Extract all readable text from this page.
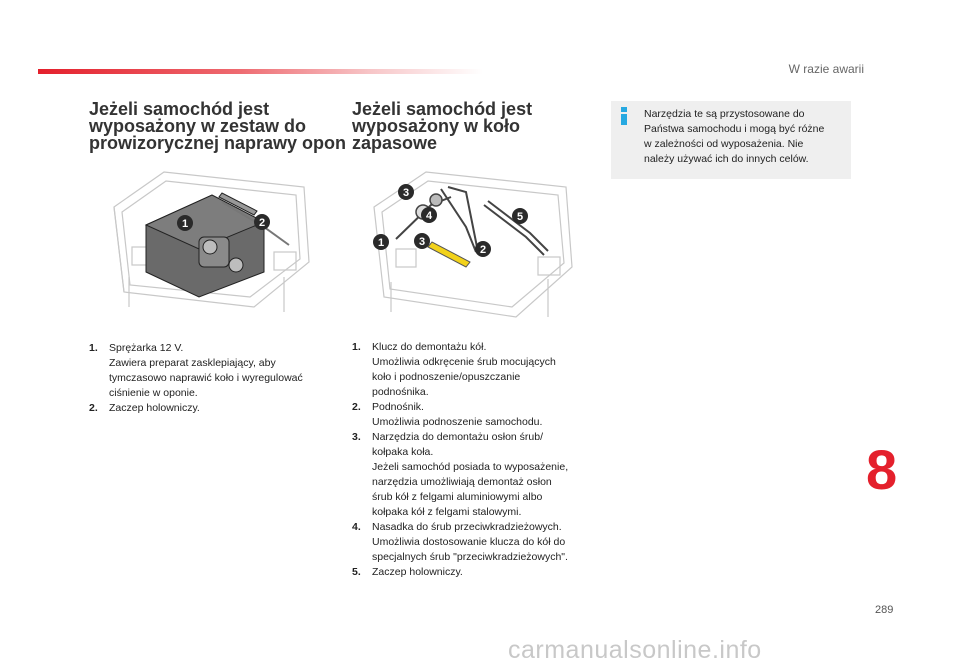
W razie awarii
Jeżeli samochód jest
wyposażony w zestaw do
prowizorycznej naprawy opon
Jeżeli samochód jest
wyposażony w koło
zapasowe
1	2
3
4	5
1	3
2
1. Sprężarka 12 V.
Zawiera preparat zasklepiający, aby
tymczasowo naprawić koło i wyregulować
ciśnienie w oponie.
2. Zaczep holowniczy.
1. Klucz do demontażu kół.
Umożliwia odkręcenie śrub mocujących
koło i podnoszenie/opuszczanie
podnośnika.
2. Podnośnik.
Umożliwia podnoszenie samochodu.
3. Narzędzia do demontażu osłon śrub/
kołpaka koła.
Jeżeli samochód posiada to wyposażenie,
narzędzia umożliwiają demontaż osłon
śrub kół z felgami aluminiowymi albo
kołpaka kół z felgami stalowymi.
4. Nasadka do śrub przeciwkradzieżowych.
Umożliwia dostosowanie klucza do kół do
specjalnych śrub "przeciwkradzieżowych".
5. Zaczep holowniczy.
Narzędzia te są przystosowane do
Państwa samochodu i mogą być różne
w zależności od wyposażenia. Nie
należy używać ich do innych celów.
8
289
carmanualsonline.info
